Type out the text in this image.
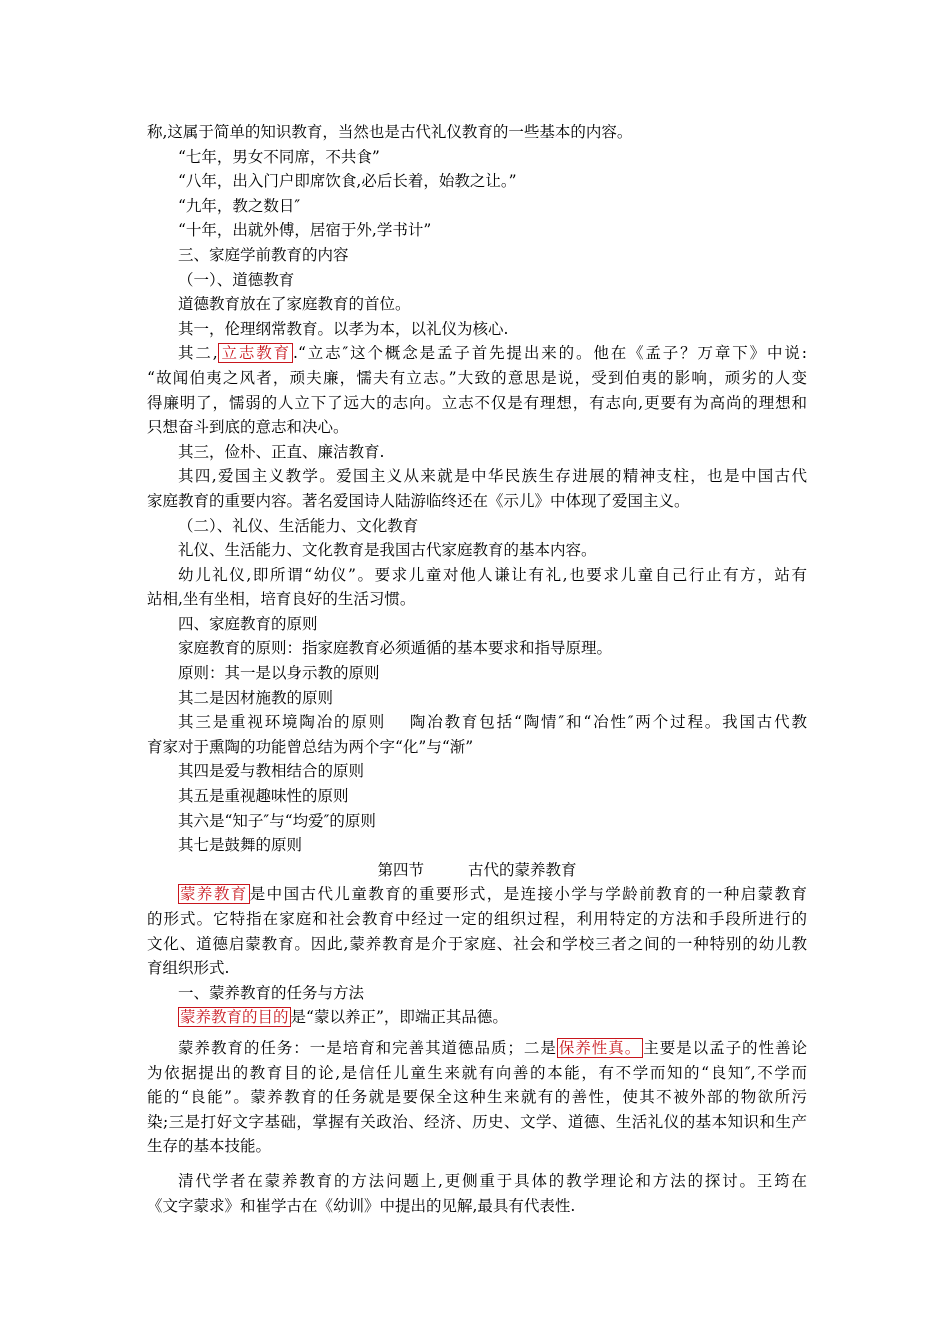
称,这属于简单的知识教育，当然也是古代礼仪教育的一些基本的内容。
“七年，男女不同席，不共食”
“八年，出入门户即席饮食,必后长着，始教之让。”
“九年，教之数日″
“十年，出就外傅，居宿于外,学书计”
三、家庭学前教育的内容
（一）、道德教育
道德教育放在了家庭教育的首位。
其一，伦理纲常教育。以孝为本，以礼仪为核心.
其二, 立志教育 .“立志″这个概念是孟子首先提出来的。他在《孟子？万章下》中说:
“故闻伯夷之风者，顽夫廉，懦夫有立志。”大致的意思是说，受到伯夷的影响，顽劣的人变
得廉明了，懦弱的人立下了远大的志向。立志不仅是有理想，有志向,更要有为高尚的理想和
只想奋斗到底的意志和决心。
其三，俭朴、正直、廉洁教育.
其四,爱国主义教学。爱国主义从来就是中华民族生存进展的精神支柱，也是中国古代
家庭教育的重要内容。著名爱国诗人陆游临终还在《示儿》中体现了爱国主义。
（二）、礼仪、生活能力、文化教育
礼仪、生活能力、文化教育是我国古代家庭教育的基本内容。
幼儿礼仪,即所谓“幼仪”。要求儿童对他人谦让有礼,也要求儿童自己行止有方，站有
站相,坐有坐相，培育良好的生活习惯。
四、家庭教育的原则
家庭教育的原则：指家庭教育必须遁循的基本要求和指导原理。
原则：其一是以身示教的原则
其二是因材施教的原则
其三是重视环境陶冶的原则 陶冶教育包括“陶情″和“冶性″两个过程。我国古代教
育家对于熏陶的功能曾总结为两个字“化”与“渐”
其四是爱与教相结合的原则
其五是重视趣味性的原则
其六是“知子″与“均爱″的原则
其七是鼓舞的原则
第四节	古代的蒙养教育
蒙养教育 是中国古代儿童教育的重要形式，是连接小学与学龄前教育的一种启蒙教育
的形式。它特指在家庭和社会教育中经过一定的组织过程，利用特定的方法和手段所进行的
文化、道德启蒙教育。因此,蒙养教育是介于家庭、社会和学校三者之间的一种特别的幼儿教
育组织形式.
一、蒙养教育的任务与方法
蒙养教育的目的 是“蒙以养正”，即端正其品德。
蒙养教育的任务：一是培育和完善其道德品质；二是 保养性真。 主要是以孟子的性善论
为依据提出的教育目的论,是信任儿童生来就有向善的本能，有不学而知的“良知″,不学而
能的“良能”。蒙养教育的任务就是要保全这种生来就有的善性，使其不被外部的物欲所污
染;三是打好文字基础，掌握有关政治、经济、历史、文学、道德、生活礼仪的基本知识和生产
生存的基本技能。
清代学者在蒙养教育的方法问题上,更侧重于具体的教学理论和方法的探讨。王筠在
《文字蒙求》和崔学古在《幼训》中提出的见解,最具有代表性.
